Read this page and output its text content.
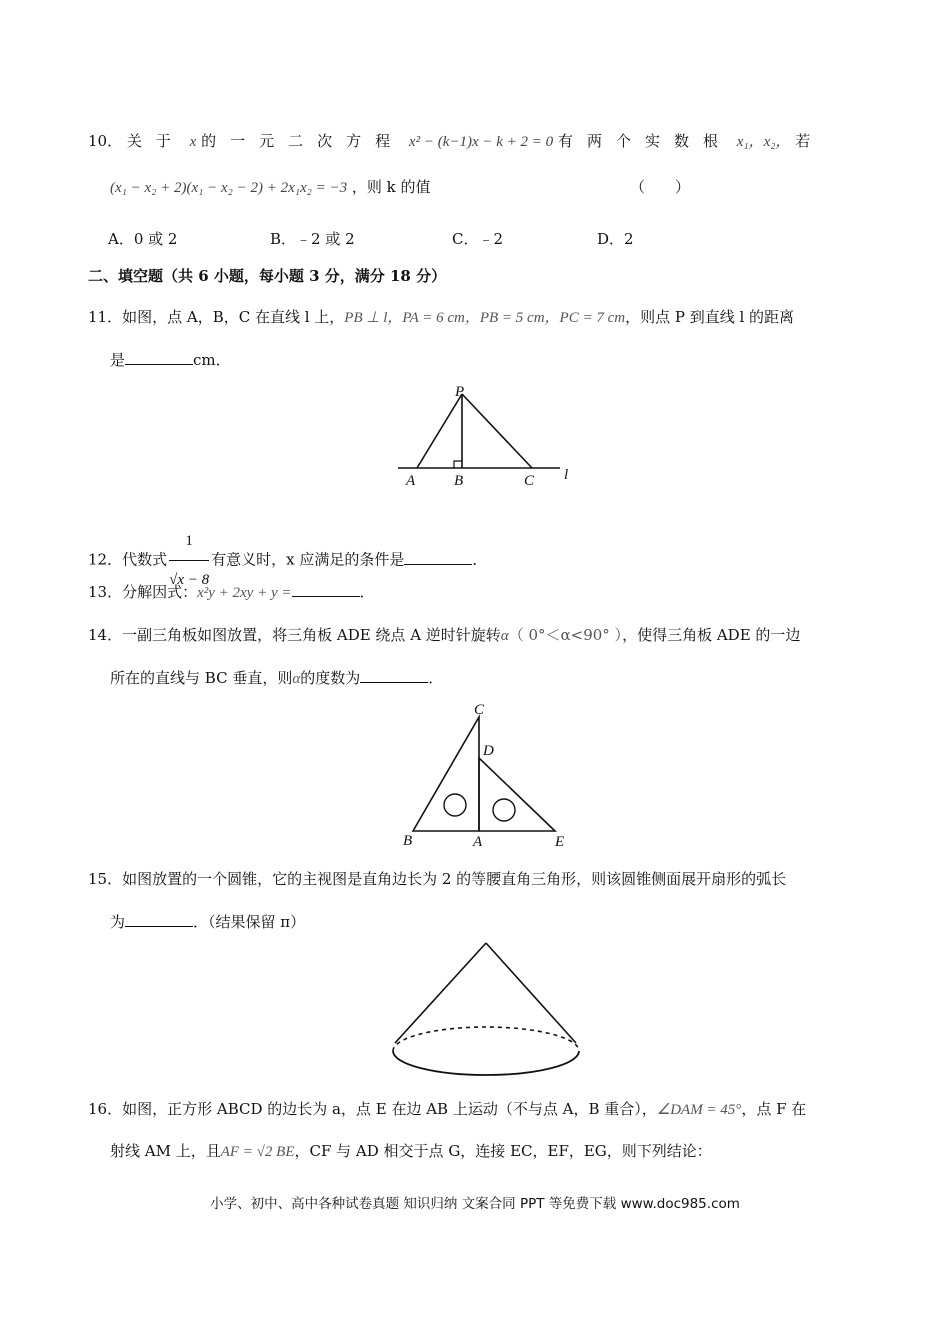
10． 关于 x 的一元二次方程 x² − (k−1)x − k + 2 = 0 有两个实数根 x₁，x₂， 若
(x₁ − x₂ + 2)(x₁ − x₂ − 2) + 2x₁x₂ = −3 ，则 k 的值	（　　）
A．0 或 2	B．﹣2 或 2	C．﹣2	D．2
二、填空题（共 6 小题，每小题 3 分，满分 18 分）
11．如图，点 A，B，C 在直线 l 上，PB ⊥ l，PA = 6 cm，PB = 5 cm，PC = 7 cm，则点 P 到直线 l 的距离
是	cm．
P
A	B	C l
12．代数式 $\frac{1}{√x - 8}$ 有意义时，x 应满足的条件是	．
13．分解因式：x²y + 2xy + y =	．
14．一副三角板如图放置，将三角板 ADE 绕点 A 逆时针旋转α（ 0°＜α<90° ），使得三角板 ADE 的一边
所在的直线与 BC 垂直，则α的度数为	．
C
D
B	A	E
15．如图放置的一个圆锥，它的主视图是直角边长为 2 的等腰直角三角形，则该圆锥侧面展开扇形的弧长
为	．（结果保留 π）
16．如图，正方形 ABCD 的边长为 a，点 E 在边 AB 上运动（不与点 A，B 重合），∠DAM = 45°，点 F 在
射线 AM 上，且AF = √2 BE，CF 与 AD 相交于点 G，连接 EC，EF，EG，则下列结论：
小学、初中、高中各种试卷真题 知识归纳 文案合同 PPT 等免费下载 www.doc985.com
